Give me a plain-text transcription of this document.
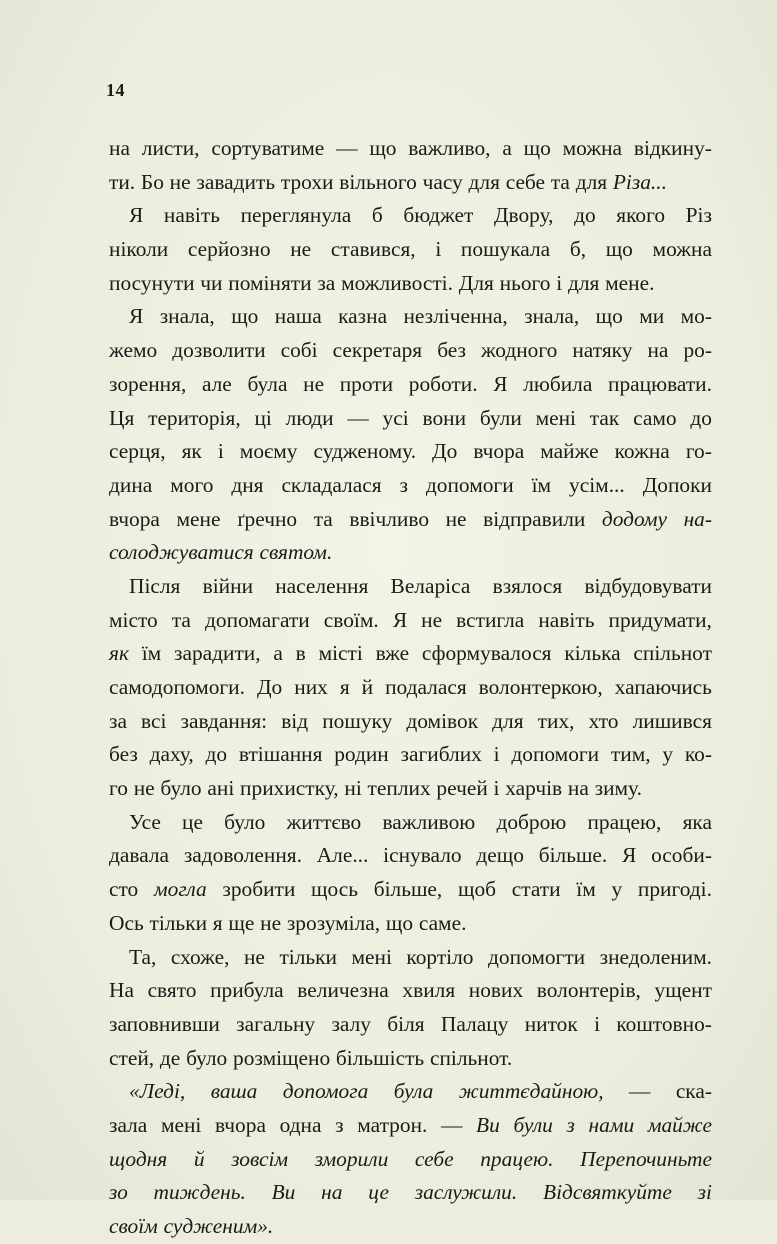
14
на листи, сортуватиме — що важливо, а що можна відкину-
ти. Бо не завадить трохи вільного часу для себе та для Різа...
Я навіть переглянула б бюджет Двору, до якого Різ
ніколи серйозно не ставився, і пошукала б, що можна
посунути чи поміняти за можливості. Для нього і для мене.
Я знала, що наша казна незліченна, знала, що ми мо-
жемо дозволити собі секретаря без жодного натяку на ро-
зорення, але була не проти роботи. Я любила працювати.
Ця територія, ці люди — усі вони були мені так само до
серця, як і моєму судженому. До вчора майже кожна го-
дина мого дня складалася з допомоги їм усім... Допоки
вчора мене ґречно та ввічливо не відправили додому на-
солоджуватися святом.
Після війни населення Веларіса взялося відбудовувати
місто та допомагати своїм. Я не встигла навіть придумати,
як їм зарадити, а в місті вже сформувалося кілька спільнот
самодопомоги. До них я й подалася волонтеркою, хапаючись
за всі завдання: від пошуку домівок для тих, хто лишився
без даху, до втішання родин загиблих і допомоги тим, у ко-
го не було ані прихистку, ні теплих речей і харчів на зиму.
Усе це було життєво важливою доброю працею, яка
давала задоволення. Але... існувало дещо більше. Я особи-
сто могла зробити щось більше, щоб стати їм у пригоді.
Ось тільки я ще не зрозуміла, що саме.
Та, схоже, не тільки мені кортіло допомогти знедоленим.
На свято прибула величезна хвиля нових волонтерів, ущент
заповнивши загальну залу біля Палацу ниток і коштовно-
стей, де було розміщено більшість спільнот.
«Леді, ваша допомога була життєдайною, — ска-
зала мені вчора одна з матрон. — Ви були з нами майже
щодня й зовсім зморили себе працею. Перепочиньте
зо тиждень. Ви на це заслужили. Відсвяткуйте зі
своїм судженим».
